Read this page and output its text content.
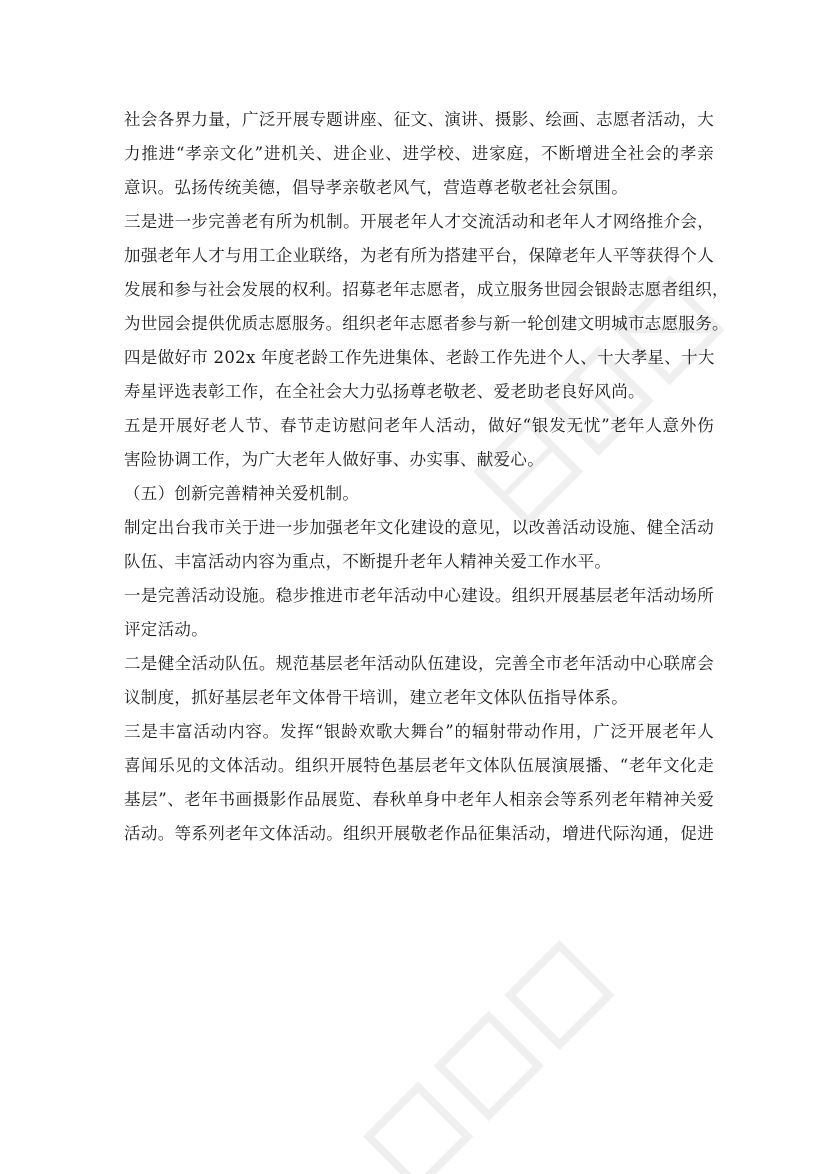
社会各界力量，广泛开展专题讲座、征文、演讲、摄影、绘画、志愿者活动，大
力推进“孝亲文化”进机关、进企业、进学校、进家庭，不断增进全社会的孝亲
意识。弘扬传统美德，倡导孝亲敬老风气，营造尊老敬老社会氛围。
三是进一步完善老有所为机制。开展老年人才交流活动和老年人才网络推介会，
加强老年人才与用工企业联络，为老有所为搭建平台，保障老年人平等获得个人
发展和参与社会发展的权利。招募老年志愿者，成立服务世园会银龄志愿者组织，
为世园会提供优质志愿服务。组织老年志愿者参与新一轮创建文明城市志愿服务。
四是做好市 202x 年度老龄工作先进集体、老龄工作先进个人、十大孝星、十大
寿星评选表彰工作，在全社会大力弘扬尊老敬老、爱老助老良好风尚。
五是开展好老人节、春节走访慰问老年人活动，做好“银发无忧”老年人意外伤
害险协调工作，为广大老年人做好事、办实事、献爱心。
（五）创新完善精神关爱机制。
制定出台我市关于进一步加强老年文化建设的意见，以改善活动设施、健全活动
队伍、丰富活动内容为重点，不断提升老年人精神关爱工作水平。
一是完善活动设施。稳步推进市老年活动中心建设。组织开展基层老年活动场所
评定活动。
二是健全活动队伍。规范基层老年活动队伍建设，完善全市老年活动中心联席会
议制度，抓好基层老年文体骨干培训，建立老年文体队伍指导体系。
三是丰富活动内容。发挥“银龄欢歌大舞台”的辐射带动作用，广泛开展老年人
喜闻乐见的文体活动。组织开展特色基层老年文体队伍展演展播、“老年文化走
基层”、老年书画摄影作品展览、春秋单身中老年人相亲会等系列老年精神关爱
活动。等系列老年文体活动。组织开展敬老作品征集活动，增进代际沟通，促进
